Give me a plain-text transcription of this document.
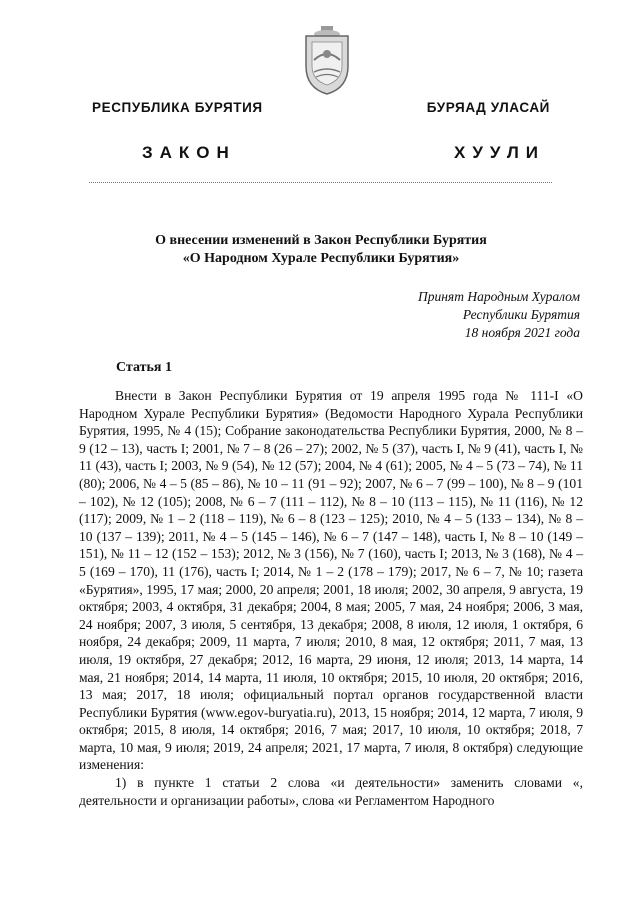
РЕСПУБЛИКА БУРЯТИЯ	БУРЯАД УЛАСАЙ
ЗАКОН	ХУУЛИ
О внесении изменений в Закон Республики Бурятия
«О Народном Хурале Республики Бурятия»
Принят Народным Хуралом
Республики Бурятия
18 ноября 2021 года
Статья 1

Внести в Закон Республики Бурятия от 19 апреля 1995 года № 111-I «О Народном Хурале Республики Бурятия» (Ведомости Народного Хурала Республики Бурятия, 1995, № 4 (15); Собрание законодательства Республики Бурятия, 2000, № 8 – 9 (12 – 13), часть I; 2001, № 7 – 8 (26 – 27); 2002, № 5 (37), часть I, № 9 (41), часть I, № 11 (43), часть I; 2003, № 9 (54), № 12 (57); 2004, № 4 (61); 2005, № 4 – 5 (73 – 74), № 11 (80); 2006, № 4 – 5 (85 – 86), № 10 – 11 (91 – 92); 2007, № 6 – 7 (99 – 100), № 8 – 9 (101 – 102), № 12 (105); 2008, № 6 – 7 (111 – 112), № 8 – 10 (113 – 115), № 11 (116), № 12 (117); 2009, № 1 – 2 (118 – 119), № 6 – 8 (123 – 125); 2010, № 4 – 5 (133 – 134), № 8 – 10 (137 – 139); 2011, № 4 – 5 (145 – 146), № 6 – 7 (147 – 148), часть I, № 8 – 10 (149 – 151), № 11 – 12 (152 – 153); 2012, № 3 (156), № 7 (160), часть I; 2013, № 3 (168), № 4 – 5 (169 – 170), 11 (176), часть I; 2014, № 1 – 2 (178 – 179); 2017, № 6 – 7, № 10; газета «Бурятия», 1995, 17 мая; 2000, 20 апреля; 2001, 18 июля; 2002, 30 апреля, 9 августа, 19 октября; 2003, 4 октября, 31 декабря; 2004, 8 мая; 2005, 7 мая, 24 ноября; 2006, 3 мая, 24 ноября; 2007, 3 июля, 5 сентября, 13 декабря; 2008, 8 июля, 12 июля, 1 октября, 6 ноября, 24 декабря; 2009, 11 марта, 7 июля; 2010, 8 мая, 12 октября; 2011, 7 мая, 13 июля, 19 октября, 27 декабря; 2012, 16 марта, 29 июня, 12 июля; 2013, 14 марта, 14 мая, 21 ноября; 2014, 14 марта, 11 июля, 10 октября; 2015, 10 июля, 20 октября; 2016, 13 мая; 2017, 18 июля; официальный портал органов государственной власти Республики Бурятия (www.egov-buryatia.ru), 2013, 15 ноября; 2014, 12 марта, 7 июля, 9 октября; 2015, 8 июля, 14 октября; 2016, 7 мая; 2017, 10 июля, 10 октября; 2018, 7 марта, 10 мая, 9 июля; 2019, 24 апреля; 2021, 17 марта, 7 июля, 8 октября) следующие изменения:

1) в пункте 1 статьи 2 слова «и деятельности» заменить словами «, деятельности и организации работы», слова «и Регламентом Народного
